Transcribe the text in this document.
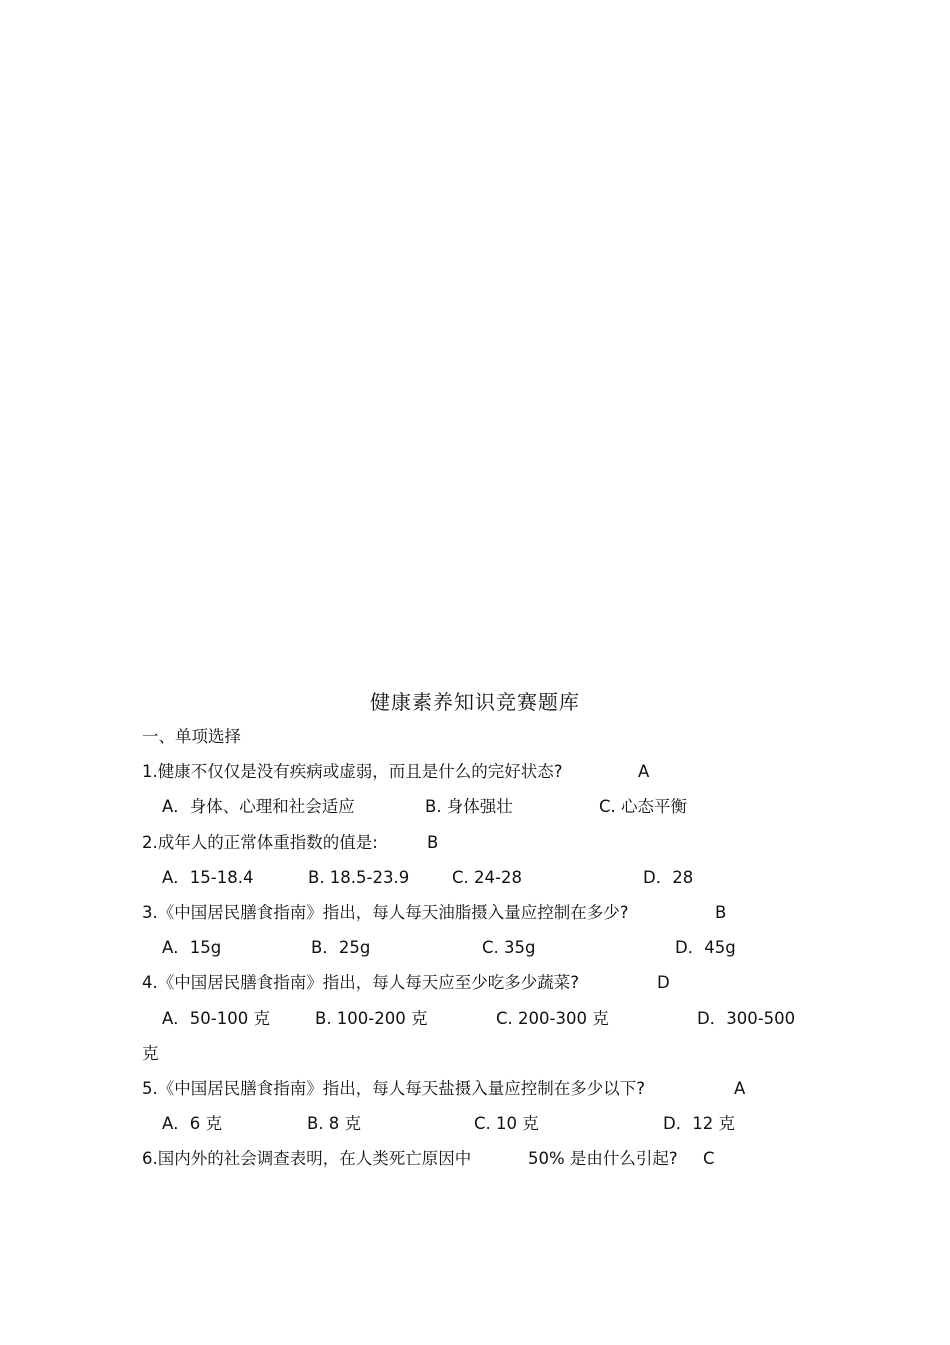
健康素养知识竞赛题库
一、单项选择
1.健康不仅仅是没有疾病或虚弱，而且是什么的完好状态?	A
A．身体、心理和社会适应	B. 身体强壮	C. 心态平衡
2.成年人的正常体重指数的值是:	B
A．15-18.4	B. 18.5-23.9	C. 24-28	D．28
3.《中国居民膳食指南》指出，每人每天油脂摄入量应控制在多少?	B
A．15g	B．25g	C. 35g	D．45g
4.《中国居民膳食指南》指出，每人每天应至少吃多少蔬菜?	D
A．50-100 克	B. 100-200 克	C. 200-300 克	D．300-500
克
5.《中国居民膳食指南》指出，每人每天盐摄入量应控制在多少以下?	A
A．6 克	B. 8 克	C. 10 克	D．12 克
6.国内外的社会调查表明，在人类死亡原因中	50% 是由什么引起? C
